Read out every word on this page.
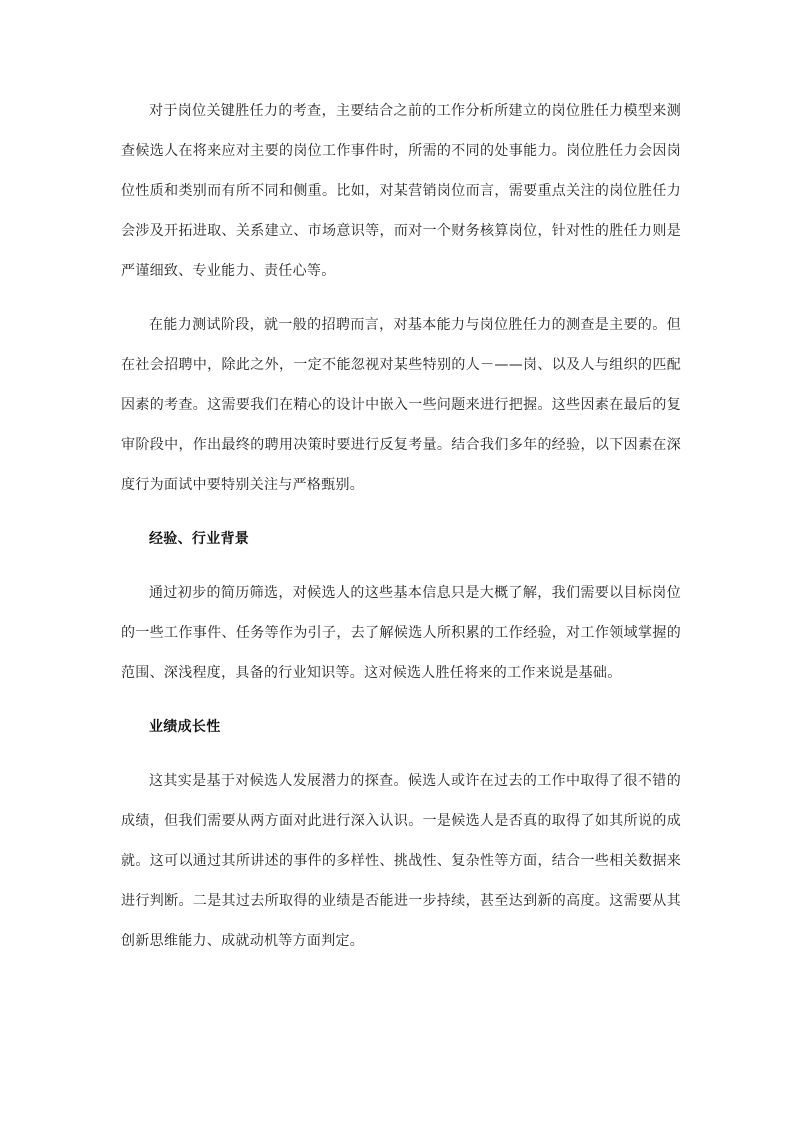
对于岗位关键胜任力的考查，主要结合之前的工作分析所建立的岗位胜任力模型来测查候选人在将来应对主要的岗位工作事件时，所需的不同的处事能力。岗位胜任力会因岗位性质和类别而有所不同和侧重。比如，对某营销岗位而言，需要重点关注的岗位胜任力会涉及开拓进取、关系建立、市场意识等，而对一个财务核算岗位，针对性的胜任力则是严谨细致、专业能力、责任心等。

在能力测试阶段，就一般的招聘而言，对基本能力与岗位胜任力的测查是主要的。但在社会招聘中，除此之外，一定不能忽视对某些特别的人－——岗、以及人与组织的匹配因素的考查。这需要我们在精心的设计中嵌入一些问题来进行把握。这些因素在最后的复审阶段中，作出最终的聘用决策时要进行反复考量。结合我们多年的经验，以下因素在深度行为面试中要特别关注与严格甄别。

经验、行业背景

通过初步的简历筛选，对候选人的这些基本信息只是大概了解，我们需要以目标岗位的一些工作事件、任务等作为引子，去了解候选人所积累的工作经验，对工作领域掌握的范围、深浅程度，具备的行业知识等。这对候选人胜任将来的工作来说是基础。

业绩成长性

这其实是基于对候选人发展潜力的探查。候选人或许在过去的工作中取得了很不错的成绩，但我们需要从两方面对此进行深入认识。一是候选人是否真的取得了如其所说的成就。这可以通过其所讲述的事件的多样性、挑战性、复杂性等方面，结合一些相关数据来进行判断。二是其过去所取得的业绩是否能进一步持续，甚至达到新的高度。这需要从其创新思维能力、成就动机等方面判定。
